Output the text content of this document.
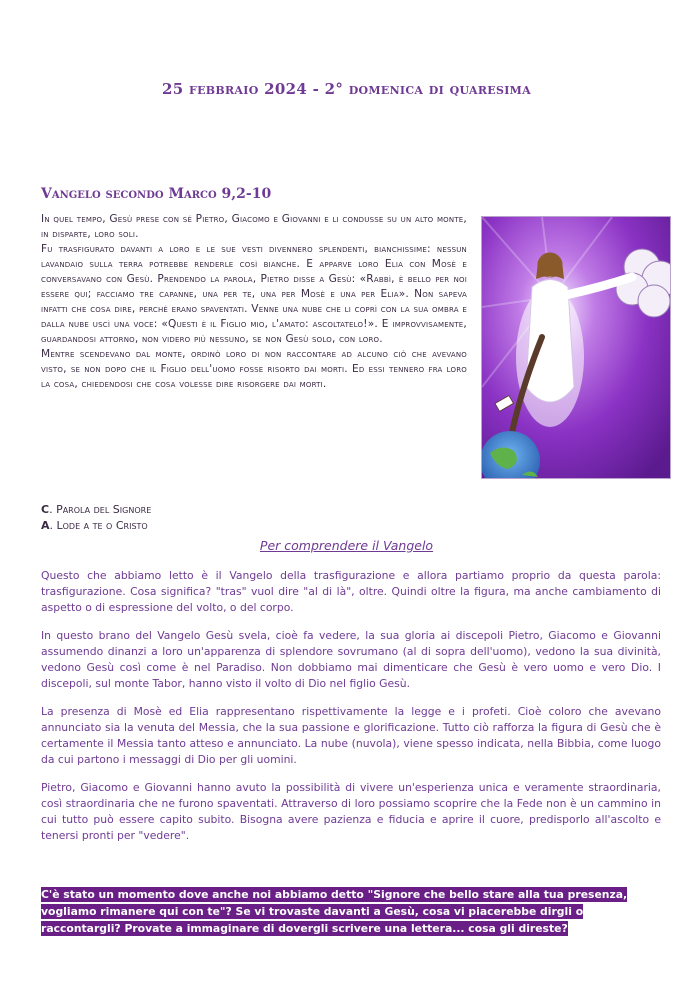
25 febbraio 2024 - 2° domenica di quaresima
Vangelo secondo Marco 9,2-10

In quel tempo, Gesù prese con sé Pietro, Giacomo e Giovanni e li condusse su un alto monte, in disparte, loro soli.

Fu trasfigurato davanti a loro e le sue vesti divennero splendenti, bianchissime: nessun lavandaio sulla terra potrebbe renderle così bianche. E apparve loro Elia con Mosè e conversavano con Gesù. Prendendo la parola, Pietro disse a Gesù: «Rabbì, è bello per noi essere qui; facciamo tre capanne, una per te, una per Mosè e una per Elia». Non sapeva infatti che cosa dire, perché erano spaventati. Venne una nube che li coprì con la sua ombra e dalla nube uscì una voce: «Questi è il Figlio mio, l'amato: ascoltatelo!». E improvvisamente, guardandosi attorno, non videro più nessuno, se non Gesù solo, con loro.

Mentre scendevano dal monte, ordinò loro di non raccontare ad alcuno ciò che avevano visto, se non dopo che il Figlio dell'uomo fosse risorto dai morti. Ed essi tennero fra loro la cosa, chiedendosi che cosa volesse dire risorgere dai morti.

C. Parola del Signore
A. Lode a te o Cristo
Per comprendere il Vangelo

Questo che abbiamo letto è il Vangelo della trasfigurazione e allora partiamo proprio da questa parola: trasfigurazione. Cosa significa? "tras" vuol dire "al di là", oltre. Quindi oltre la figura, ma anche cambiamento di aspetto o di espressione del volto, o del corpo.

In questo brano del Vangelo Gesù svela, cioè fa vedere, la sua gloria ai discepoli Pietro, Giacomo e Giovanni assumendo dinanzi a loro un'apparenza di splendore sovrumano (al di sopra dell'uomo), vedono la sua divinità, vedono Gesù così come è nel Paradiso. Non dobbiamo mai dimenticare che Gesù è vero uomo e vero Dio. I discepoli, sul monte Tabor, hanno visto il volto di Dio nel figlio Gesù.

La presenza di Mosè ed Elia rappresentano rispettivamente la legge e i profeti. Cioè coloro che avevano annunciato sia la venuta del Messia, che la sua passione e glorificazione. Tutto ciò rafforza la figura di Gesù che è certamente il Messia tanto atteso e annunciato. La nube (nuvola), viene spesso indicata, nella Bibbia, come luogo da cui partono i messaggi di Dio per gli uomini.

Pietro, Giacomo e Giovanni hanno avuto la possibilità di vivere un'esperienza unica e veramente straordinaria, così straordinaria che ne furono spaventati. Attraverso di loro possiamo scoprire che la Fede non è un cammino in cui tutto può essere capito subito. Bisogna avere pazienza e fiducia e aprire il cuore, predisporlo all'ascolto e tenersi pronti per "vedere".

C'è stato un momento dove anche noi abbiamo detto "Signore che bello stare alla tua presenza, vogliamo rimanere qui con te"? Se vi trovaste davanti a Gesù, cosa vi piacerebbe dirgli o raccontargli? Provate a immaginare di dovergli scrivere una lettera... cosa gli direste?
